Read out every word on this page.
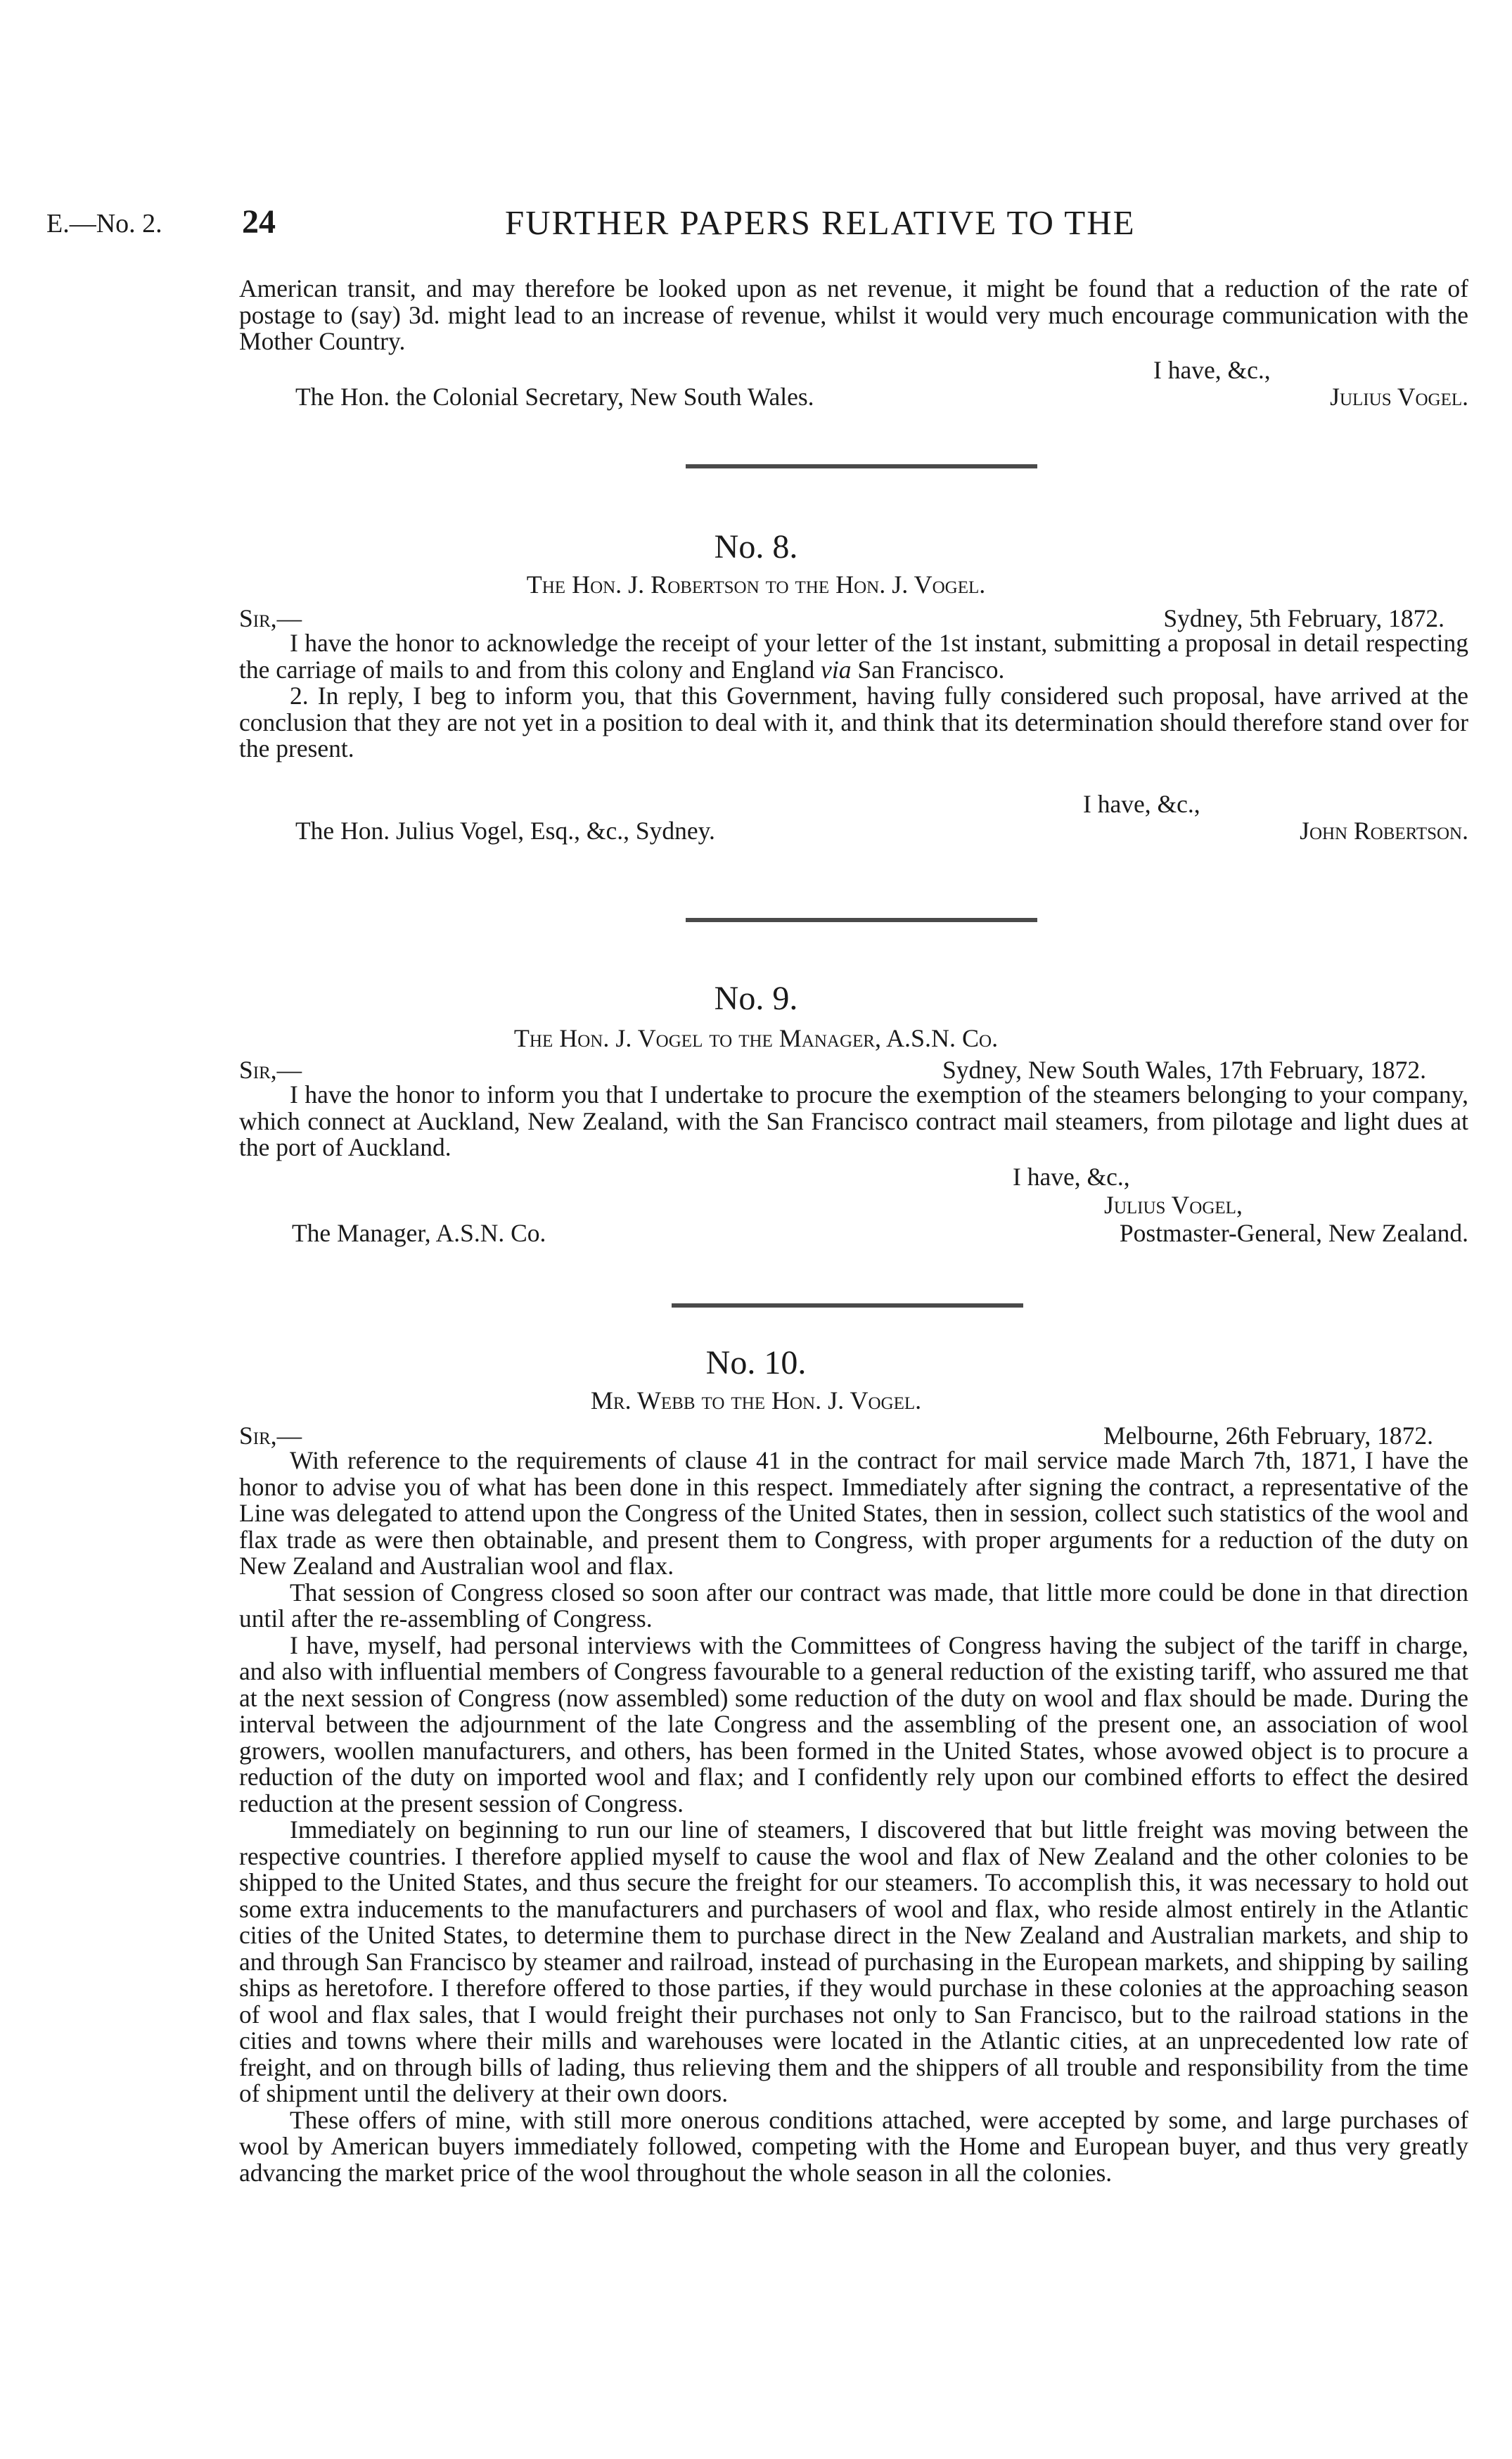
E.—No. 2. 24	FURTHER PAPERS RELATIVE TO THE

American transit, and may therefore be looked upon as net revenue, it might be found that a reduction of the rate of postage to (say) 3d. might lead to an increase of revenue, whilst it would very much encourage communication with the Mother Country.

I have, &c.,
The Hon. the Colonial Secretary, New South Wales.	Julius Vogel.
No. 8.
The Hon. J. Robertson to the Hon. J. Vogel.
Sir,—	Sydney, 5th February, 1872.

I have the honor to acknowledge the receipt of your letter of the 1st instant, submitting a proposal in detail respecting the carriage of mails to and from this colony and England via San Francisco.

2. In reply, I beg to inform you, that this Government, having fully considered such proposal, have arrived at the conclusion that they are not yet in a position to deal with it, and think that its determination should therefore stand over for the present.

I have, &c.,
The Hon. Julius Vogel, Esq., &c., Sydney.	John Robertson.
No. 9.
The Hon. J. Vogel to the Manager, A.S.N. Co.
Sir,—	Sydney, New South Wales, 17th February, 1872.

I have the honor to inform you that I undertake to procure the exemption of the steamers belonging to your company, which connect at Auckland, New Zealand, with the San Francisco contract mail steamers, from pilotage and light dues at the port of Auckland.

I have, &c.,
Julius Vogel,
The Manager, A.S.N. Co.	Postmaster-General, New Zealand.
No. 10.
Mr. Webb to the Hon. J. Vogel.
Sir,—	Melbourne, 26th February, 1872.

With reference to the requirements of clause 41 in the contract for mail service made March 7th, 1871, I have the honor to advise you of what has been done in this respect. Immediately after signing the contract, a representative of the Line was delegated to attend upon the Congress of the United States, then in session, collect such statistics of the wool and flax trade as were then obtainable, and present them to Congress, with proper arguments for a reduction of the duty on New Zealand and Australian wool and flax.

That session of Congress closed so soon after our contract was made, that little more could be done in that direction until after the re-assembling of Congress.

I have, myself, had personal interviews with the Committees of Congress having the subject of the tariff in charge, and also with influential members of Congress favourable to a general reduction of the existing tariff, who assured me that at the next session of Congress (now assembled) some reduction of the duty on wool and flax should be made. During the interval between the adjournment of the late Congress and the assembling of the present one, an association of wool growers, woollen manufacturers, and others, has been formed in the United States, whose avowed object is to procure a reduction of the duty on imported wool and flax; and I confidently rely upon our combined efforts to effect the desired reduction at the present session of Congress.

Immediately on beginning to run our line of steamers, I discovered that but little freight was moving between the respective countries. I therefore applied myself to cause the wool and flax of New Zealand and the other colonies to be shipped to the United States, and thus secure the freight for our steamers. To accomplish this, it was necessary to hold out some extra inducements to the manufacturers and purchasers of wool and flax, who reside almost entirely in the Atlantic cities of the United States, to determine them to purchase direct in the New Zealand and Australian markets, and ship to and through San Francisco by steamer and railroad, instead of purchasing in the European markets, and shipping by sailing ships as heretofore. I therefore offered to those parties, if they would purchase in these colonies at the approaching season of wool and flax sales, that I would freight their purchases not only to San Francisco, but to the railroad stations in the cities and towns where their mills and warehouses were located in the Atlantic cities, at an unprecedented low rate of freight, and on through bills of lading, thus relieving them and the shippers of all trouble and responsibility from the time of shipment until the delivery at their own doors.

These offers of mine, with still more onerous conditions attached, were accepted by some, and large purchases of wool by American buyers immediately followed, competing with the Home and European buyer, and thus very greatly advancing the market price of the wool throughout the whole season in all the colonies.
